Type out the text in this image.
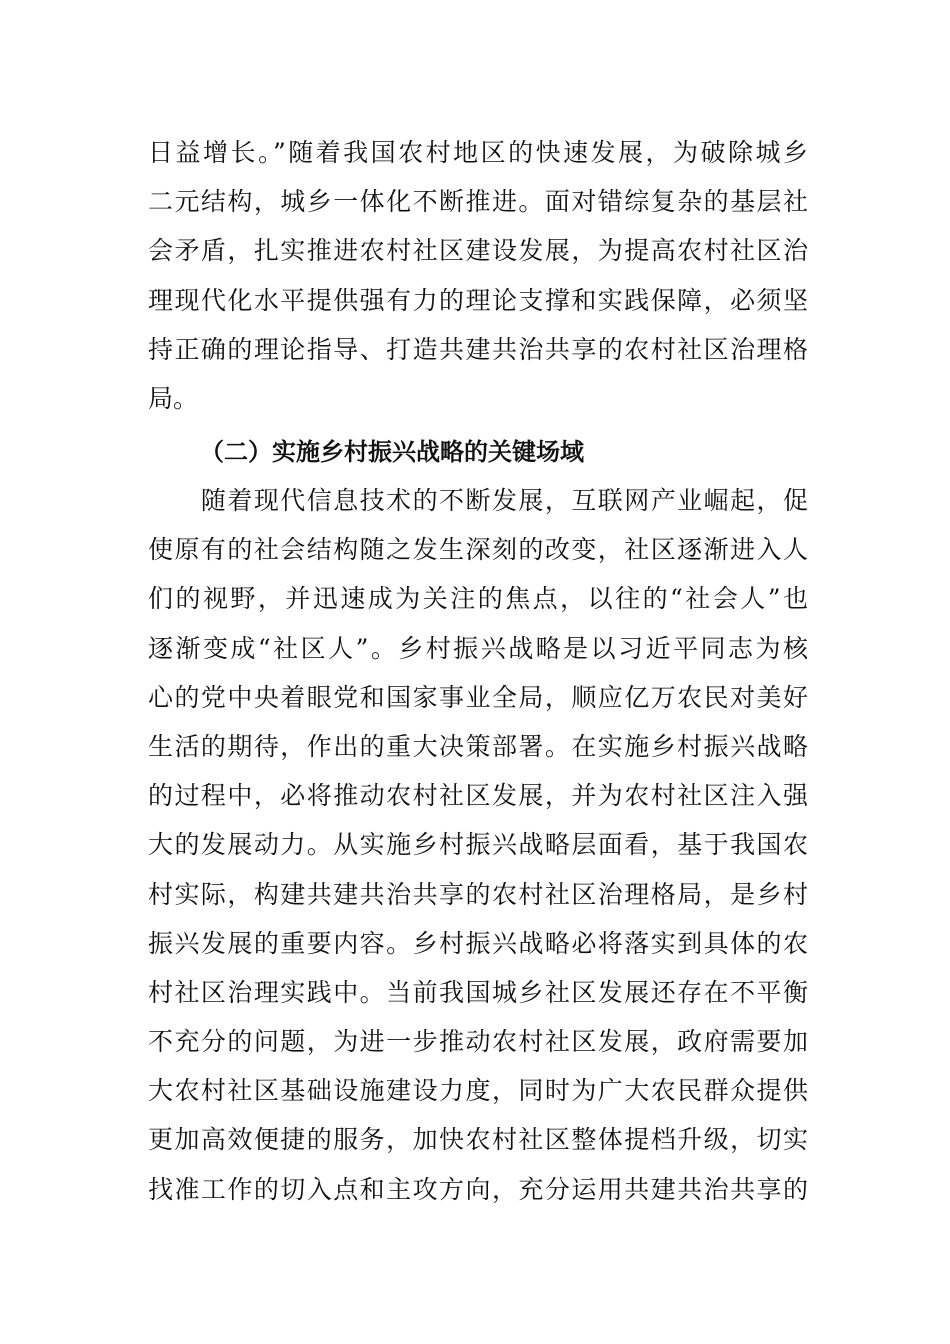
日益增长。”随着我国农村地区的快速发展，为破除城乡
二元结构，城乡一体化不断推进。面对错综复杂的基层社
会矛盾，扎实推进农村社区建设发展，为提高农村社区治
理现代化水平提供强有力的理论支撑和实践保障，必须坚
持正确的理论指导、打造共建共治共享的农村社区治理格
局。
（二）实施乡村振兴战略的关键场域
　　随着现代信息技术的不断发展，互联网产业崛起，促
使原有的社会结构随之发生深刻的改变，社区逐渐进入人
们的视野，并迅速成为关注的焦点，以往的“社会人”也
逐渐变成“社区人”。乡村振兴战略是以习近平同志为核
心的党中央着眼党和国家事业全局，顺应亿万农民对美好
生活的期待，作出的重大决策部署。在实施乡村振兴战略
的过程中，必将推动农村社区发展，并为农村社区注入强
大的发展动力。从实施乡村振兴战略层面看，基于我国农
村实际，构建共建共治共享的农村社区治理格局，是乡村
振兴发展的重要内容。乡村振兴战略必将落实到具体的农
村社区治理实践中。当前我国城乡社区发展还存在不平衡
不充分的问题，为进一步推动农村社区发展，政府需要加
大农村社区基础设施建设力度，同时为广大农民群众提供
更加高效便捷的服务，加快农村社区整体提档升级，切实
找准工作的切入点和主攻方向，充分运用共建共治共享的
